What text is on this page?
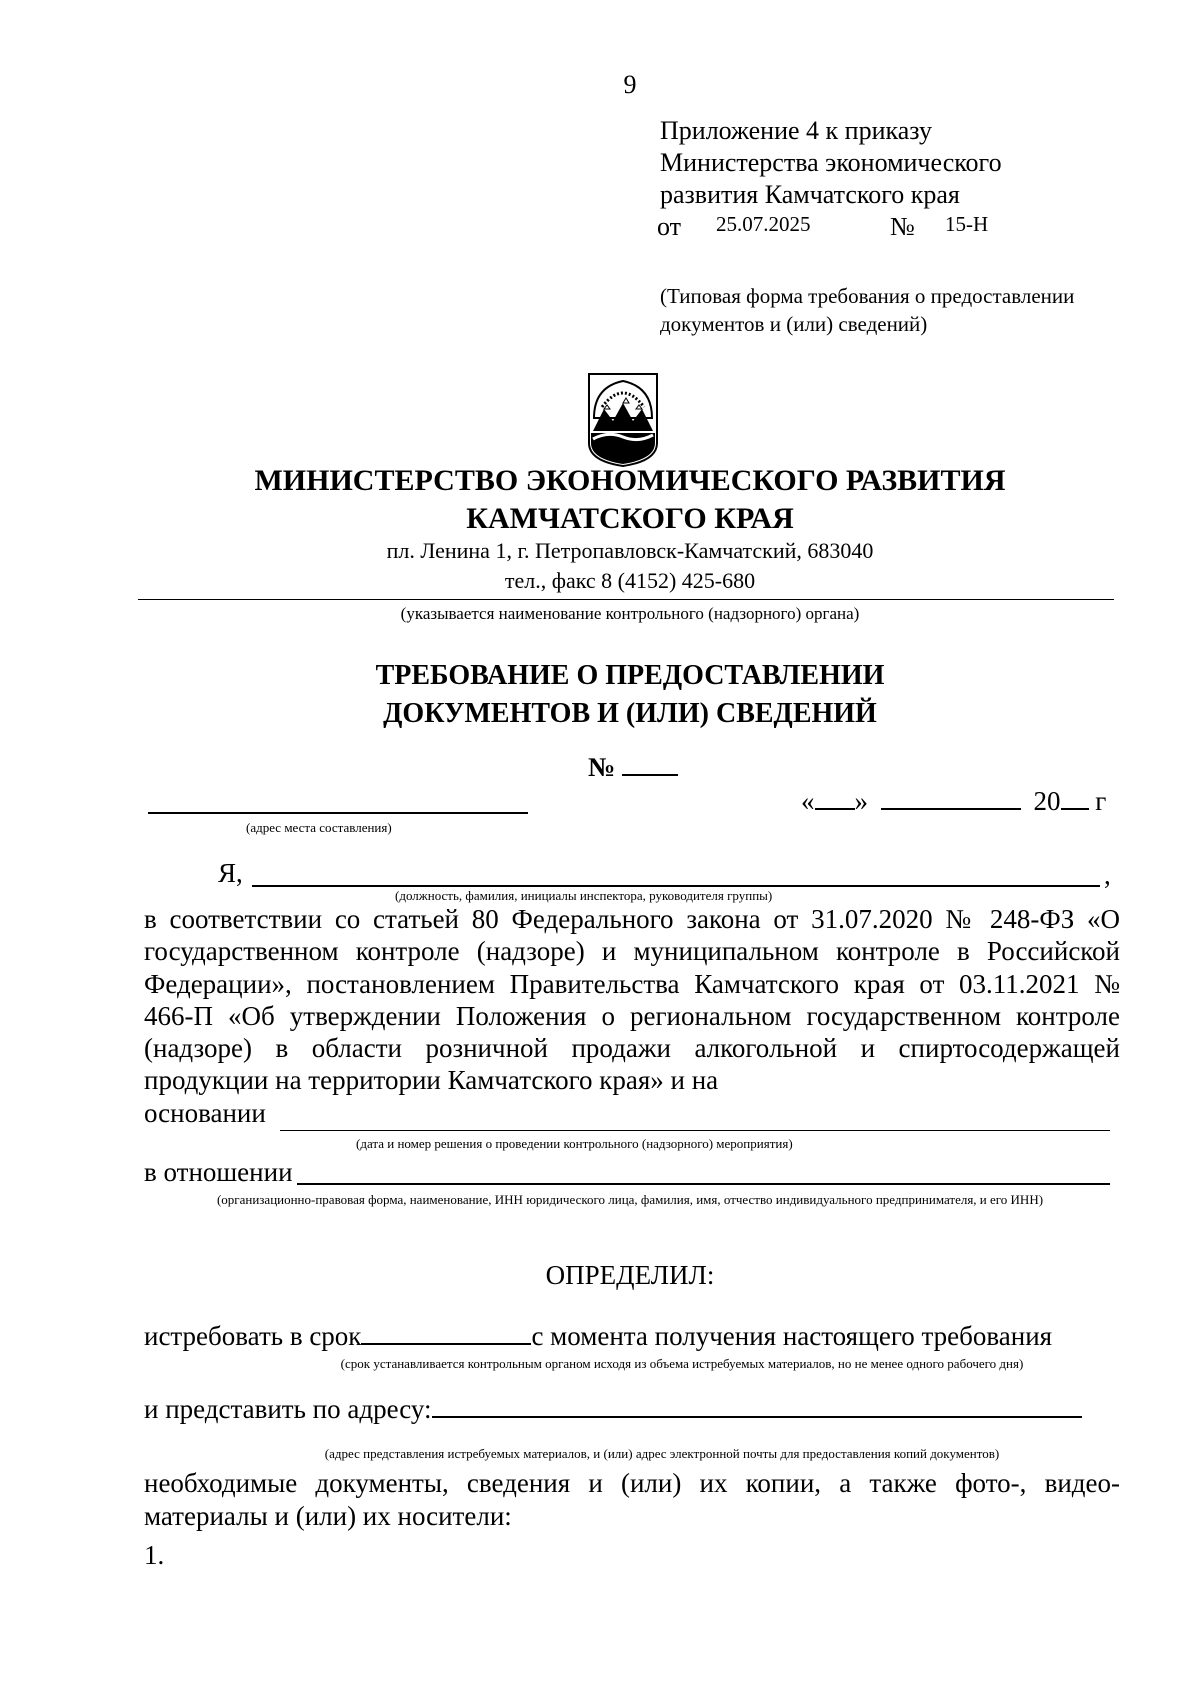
9
Приложение 4 к приказу
Министерства экономического
развития Камчатского края
от 25.07.2025	№ 15-Н
(Типовая форма требования о предоставлении
документов и (или) сведений)
МИНИСТЕРСТВО ЭКОНОМИЧЕСКОГО РАЗВИТИЯ
КАМЧАТСКОГО КРАЯ
пл. Ленина 1, г. Петропавловск-Камчатский, 683040
тел., факс 8 (4152) 425-680
(указывается наименование контрольного (надзорного) органа)
ТРЕБОВАНИЕ О ПРЕДОСТАВЛЕНИИ
ДОКУМЕНТОВ И (ИЛИ) СВЕДЕНИЙ
№
(адрес места составления)
« »	20 г
Я,	,
(должность, фамилия, инициалы инспектора, руководителя группы)
в соответствии со статьей 80 Федерального закона от 31.07.2020 № 248-ФЗ «О государственном контроле (надзоре) и муниципальном контроле в Российской Федерации», постановлением Правительства Камчатского края от 03.11.2021 № 466-П «Об утверждении Положения о региональном государственном контроле (надзоре) в области розничной продажи алкогольной и спиртосодержащей продукции на территории Камчатского края» и на
основании
(дата и номер решения о проведении контрольного (надзорного) мероприятия)
в отношении
(организационно-правовая форма, наименование, ИНН юридического лица, фамилия, имя, отчество индивидуального предпринимателя, и его ИНН)
ОПРЕДЕЛИЛ:
истребовать в срок	с момента получения настоящего требования
(срок устанавливается контрольным органом исходя из объема истребуемых материалов, но не менее одного рабочего дня)
и представить по адресу:
(адрес представления истребуемых материалов, и (или) адрес электронной почты для предоставления копий документов)
необходимые документы, сведения и (или) их копии, а также фото-, видео-материалы и (или) их носители:
1.
